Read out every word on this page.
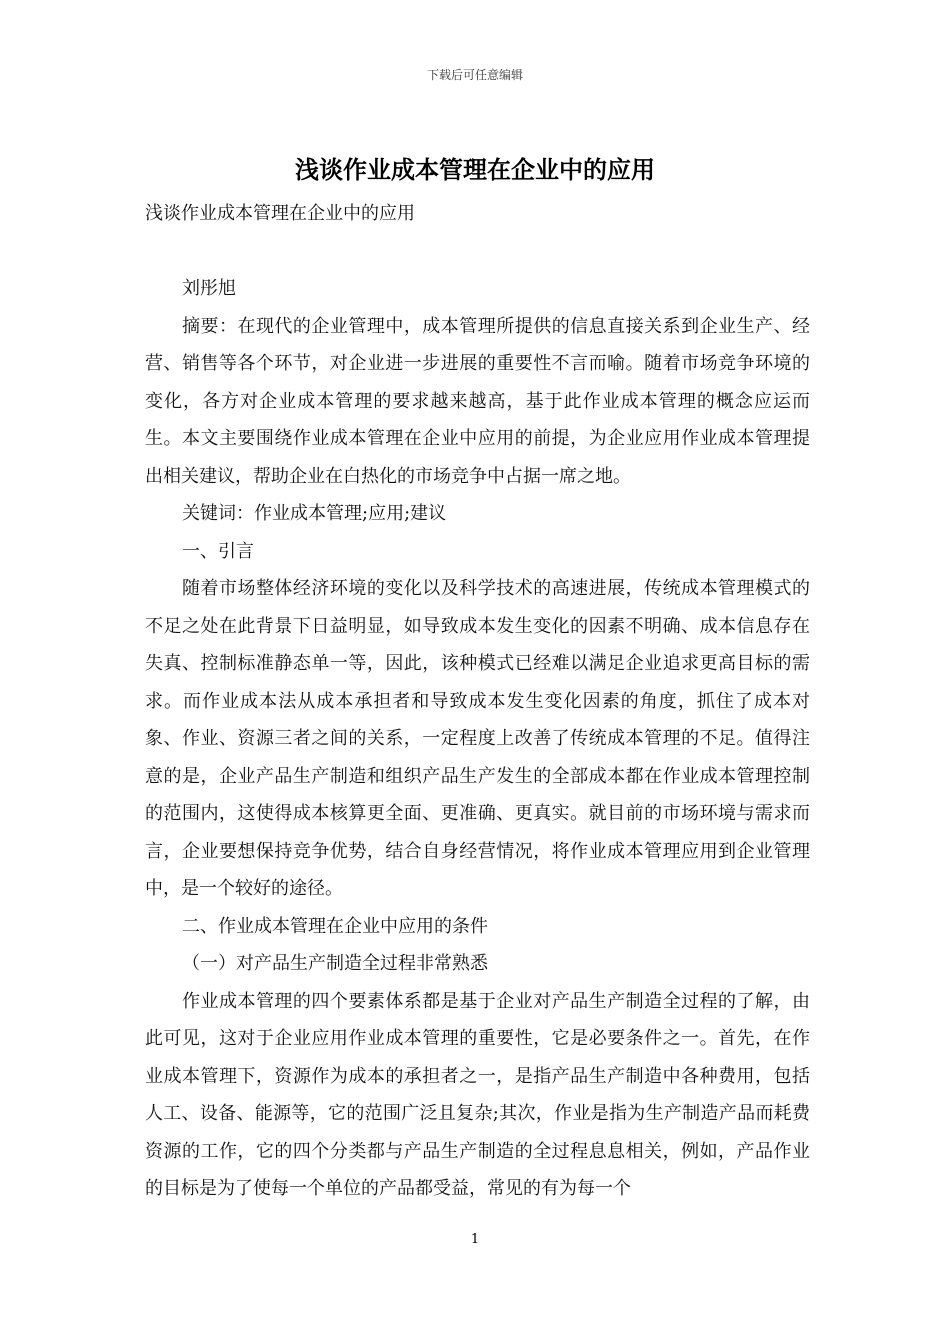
下载后可任意编辑
浅谈作业成本管理在企业中的应用

浅谈作业成本管理在企业中的应用

刘彤旭

摘要：在现代的企业管理中，成本管理所提供的信息直接关系到企业生产、经营、销售等各个环节，对企业进一步进展的重要性不言而喻。随着市场竞争环境的变化，各方对企业成本管理的要求越来越高，基于此作业成本管理的概念应运而生。本文主要围绕作业成本管理在企业中应用的前提，为企业应用作业成本管理提出相关建议，帮助企业在白热化的市场竞争中占据一席之地。

关键词：作业成本管理;应用;建议

一、引言

随着市场整体经济环境的变化以及科学技术的高速进展，传统成本管理模式的不足之处在此背景下日益明显，如导致成本发生变化的因素不明确、成本信息存在失真、控制标准静态单一等，因此，该种模式已经难以满足企业追求更高目标的需求。而作业成本法从成本承担者和导致成本发生变化因素的角度，抓住了成本对象、作业、资源三者之间的关系，一定程度上改善了传统成本管理的不足。值得注意的是，企业产品生产制造和组织产品生产发生的全部成本都在作业成本管理控制的范围内，这使得成本核算更全面、更准确、更真实。就目前的市场环境与需求而言，企业要想保持竞争优势，结合自身经营情况，将作业成本管理应用到企业管理中，是一个较好的途径。

二、作业成本管理在企业中应用的条件

（一）对产品生产制造全过程非常熟悉

作业成本管理的四个要素体系都是基于企业对产品生产制造全过程的了解，由此可见，这对于企业应用作业成本管理的重要性，它是必要条件之一。首先，在作业成本管理下，资源作为成本的承担者之一，是指产品生产制造中各种费用，包括人工、设备、能源等，它的范围广泛且复杂;其次，作业是指为生产制造产品而耗费资源的工作，它的四个分类都与产品生产制造的全过程息息相关，例如，产品作业的目标是为了使每一个单位的产品都受益，常见的有为每一个

1
